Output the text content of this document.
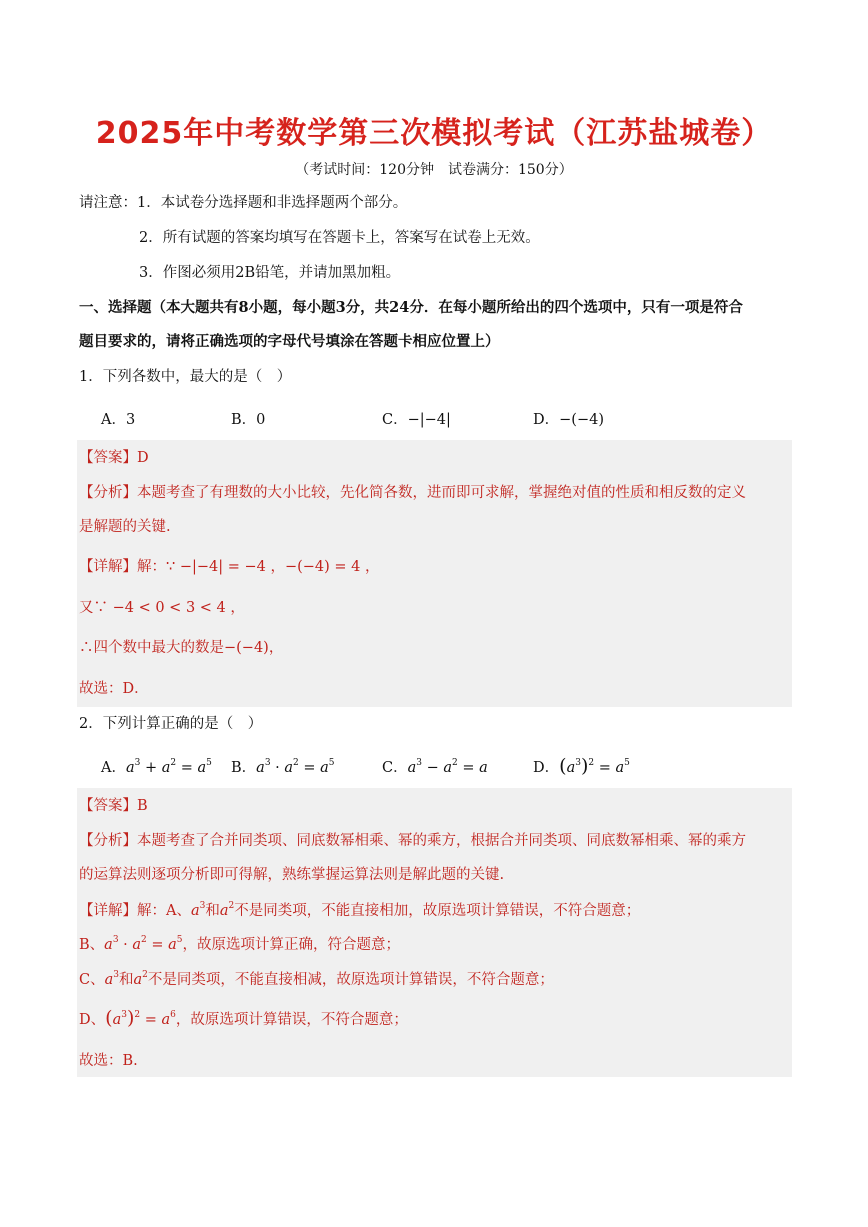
2025年中考数学第三次模拟考试（江苏盐城卷）
（考试时间：120分钟　试卷满分：150分）
请注意：1．本试卷分选择题和非选择题两个部分。
2．所有试题的答案均填写在答题卡上，答案写在试卷上无效。
3．作图必须用2B铅笔，并请加黑加粗。
一、选择题（本大题共有8小题，每小题3分，共24分．在每小题所给出的四个选项中，只有一项是符合
题目要求的，请将正确选项的字母代号填涂在答题卡相应位置上）
1．下列各数中，最大的是（　）
A．3	B．0	C．−|−4|	D．−(−4)
【答案】D
【分析】本题考查了有理数的大小比较，先化简各数，进而即可求解，掌握绝对值的性质和相反数的定义
是解题的关键.
【详解】解：∵ −|−4| = −4 ，−(−4) = 4 ，
又∵ −4 < 0 < 3 < 4 ，
∴四个数中最大的数是−(−4)，
故选：D．
2．下列计算正确的是（　）
A．$a^3 + a^2 = a^5$ B．$a^3 \cdot a^2 = a^5$	C．$a^3 - a^2 = a$	D．$(a^3)^2 = a^5$
【答案】B
【分析】本题考查了合并同类项、同底数幂相乘、幂的乘方，根据合并同类项、同底数幂相乘、幂的乘方
的运算法则逐项分析即可得解，熟练掌握运算法则是解此题的关键.
【详解】解：A、$a^3$和$a^2$不是同类项，不能直接相加，故原选项计算错误，不符合题意；
B、$a^3 \cdot a^2 = a^5$，故原选项计算正确，符合题意；
C、$a^3$和$a^2$不是同类项，不能直接相减，故原选项计算错误，不符合题意；
D、$(a^3)^2 = a^6$，故原选项计算错误，不符合题意；
故选：B.
